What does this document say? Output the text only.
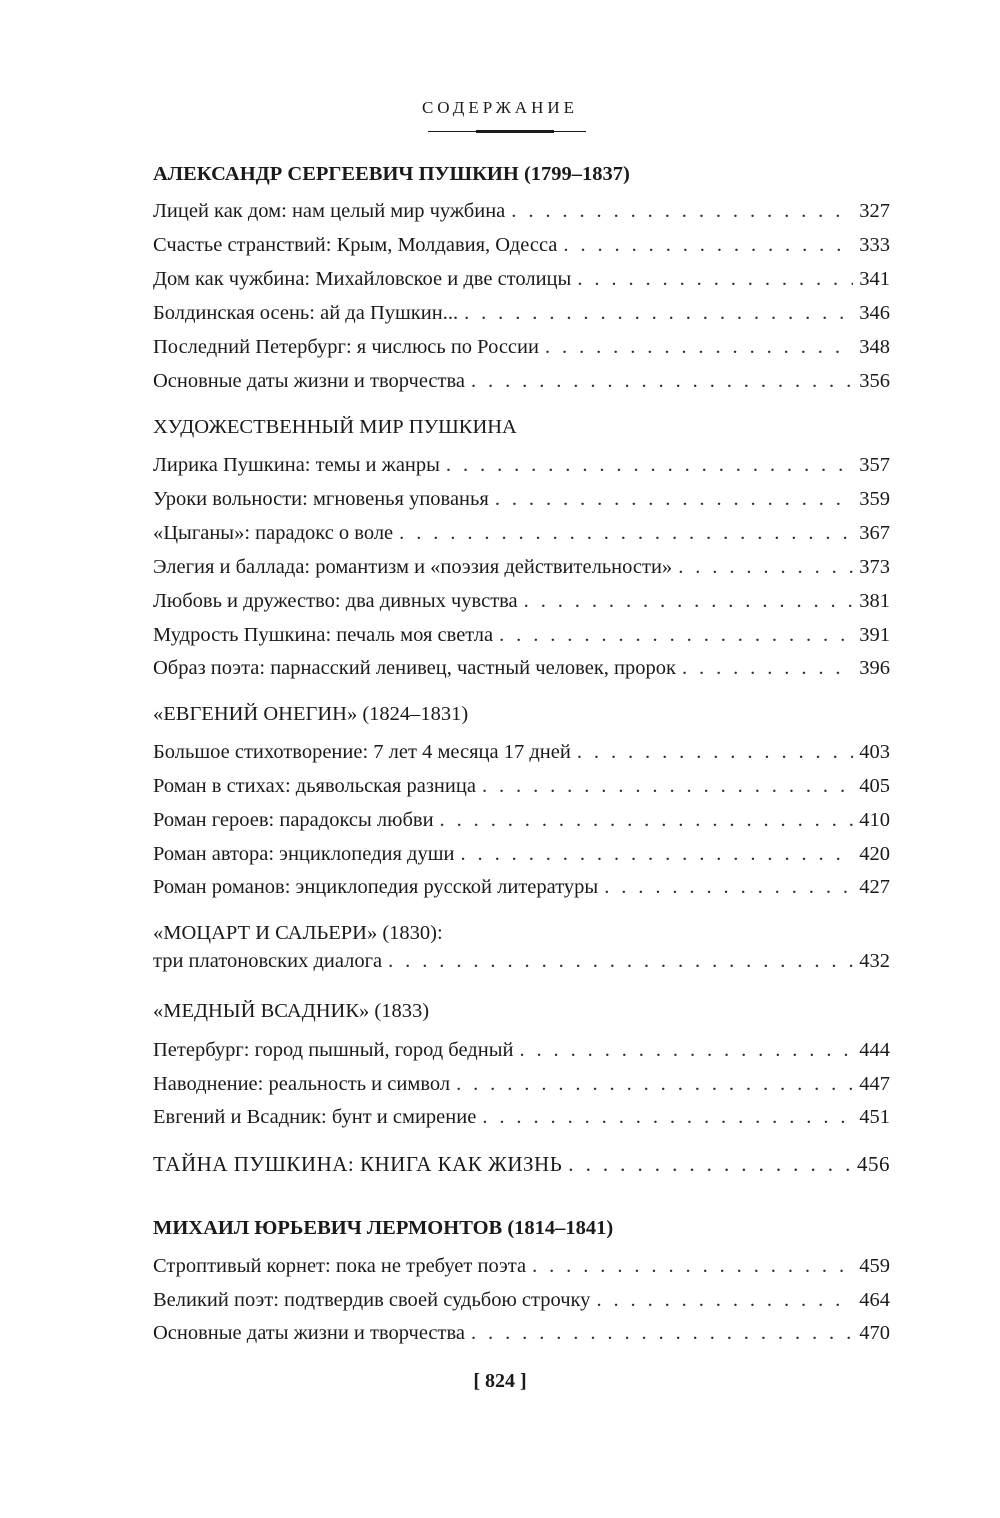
СОДЕРЖАНИЕ
АЛЕКСАНДР СЕРГЕЕВИЧ ПУШКИН (1799–1837)
Лицей как дом: нам целый мир чужбина . . .	327
Счастье странствий: Крым, Молдавия, Одесса . . .	333
Дом как чужбина: Михайловское и две столицы . . .	341
Болдинская осень: ай да Пушкин... . . .	346
Последний Петербург: я числюсь по России . . .	348
Основные даты жизни и творчества . . .	356
ХУДОЖЕСТВЕННЫЙ МИР ПУШКИНА
Лирика Пушкина: темы и жанры . . .	357
Уроки вольности: мгновенья упованья . . .	359
«Цыганы»: парадокс о воле . . .	367
Элегия и баллада: романтизм и «поэзия действительности» . . .	373
Любовь и дружество: два дивных чувства . . .	381
Мудрость Пушкина: печаль моя светла . . .	391
Образ поэта: парнасский ленивец, частный человек, пророк . . .	396
«ЕВГЕНИЙ ОНЕГИН» (1824–1831)
Большое стихотворение: 7 лет 4 месяца 17 дней . . .	403
Роман в стихах: дьявольская разница . . .	405
Роман героев: парадоксы любви . . .	410
Роман автора: энциклопедия души . . .	420
Роман романов: энциклопедия русской литературы . . .	427
«МОЦАРТ И САЛЬЕРИ» (1830):
три платоновских диалога . . .	432
«МЕДНЫЙ ВСАДНИК» (1833)
Петербург: город пышный, город бедный . . .	444
Наводнение: реальность и символ . . .	447
Евгений и Всадник: бунт и смирение . . .	451
ТАЙНА ПУШКИНА: КНИГА КАК ЖИЗНЬ . . .	456
МИХАИЛ ЮРЬЕВИЧ ЛЕРМОНТОВ (1814–1841)
Строптивый корнет: пока не требует поэта . . .	459
Великий поэт: подтвердив своей судьбою строчку . . .	464
Основные даты жизни и творчества . . .	470
[ 824 ]
